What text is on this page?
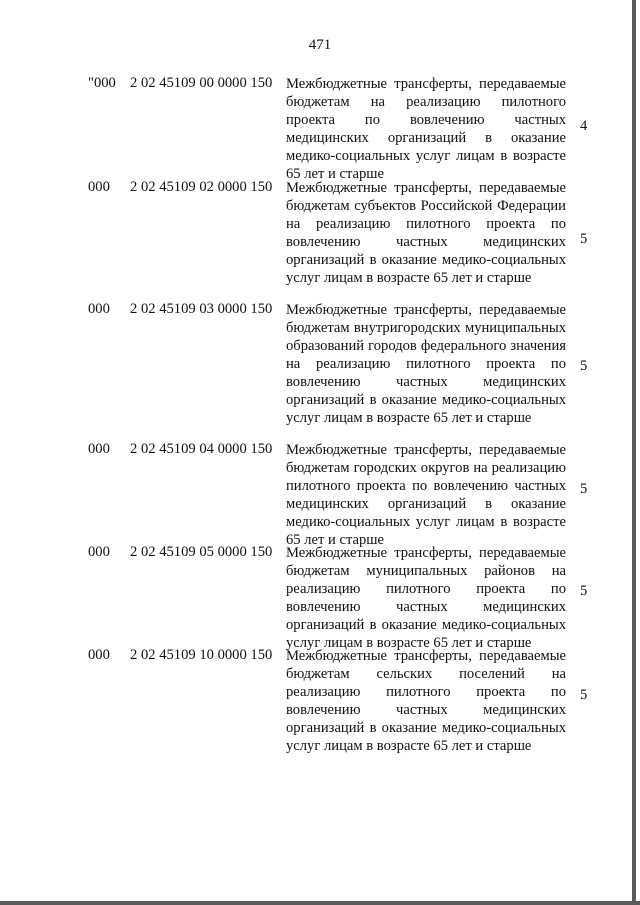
471
"000 2 02 45109 00 0000 150 Межбюджетные трансферты, передаваемые бюджетам на реализацию пилотного проекта по вовлечению частных медицинских организаций в оказание медико-социальных услуг лицам в возрасте 65 лет и старше
4
000 2 02 45109 02 0000 150 Межбюджетные трансферты, передаваемые бюджетам субъектов Российской Федерации на реализацию пилотного проекта по вовлечению частных медицинских организаций в оказание медико-социальных услуг лицам в возрасте 65 лет и старше
5
000 2 02 45109 03 0000 150 Межбюджетные трансферты, передаваемые бюджетам внутригородских муниципальных образований городов федерального значения на реализацию пилотного проекта по вовлечению частных медицинских организаций в оказание медико-социальных услуг лицам в возрасте 65 лет и старше
5
000 2 02 45109 04 0000 150 Межбюджетные трансферты, передаваемые бюджетам городских округов на реализацию пилотного проекта по вовлечению частных медицинских организаций в оказание медико-социальных услуг лицам в возрасте 65 лет и старше
5
000 2 02 45109 05 0000 150 Межбюджетные трансферты, передаваемые бюджетам муниципальных районов на реализацию пилотного проекта по вовлечению частных медицинских организаций в оказание медико-социальных услуг лицам в возрасте 65 лет и старше
5
000 2 02 45109 10 0000 150 Межбюджетные трансферты, передаваемые бюджетам сельских поселений на реализацию пилотного проекта по вовлечению частных медицинских организаций в оказание медико-социальных услуг лицам в возрасте 65 лет и старше
5
